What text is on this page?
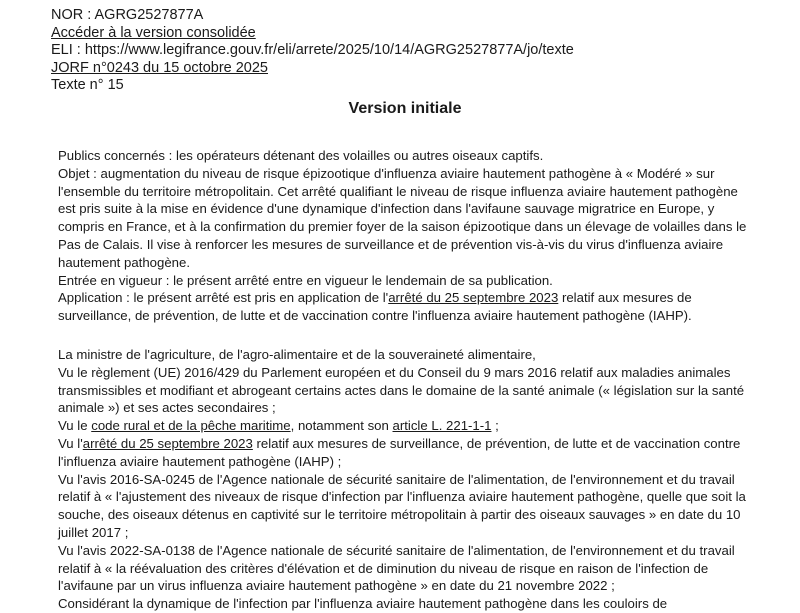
NOR : AGRG2527877A
Accéder à la version consolidée
ELI : https://www.legifrance.gouv.fr/eli/arrete/2025/10/14/AGRG2527877A/jo/texte
JORF n°0243 du 15 octobre 2025
Texte n° 15
Version initiale

Publics concernés : les opérateurs détenant des volailles ou autres oiseaux captifs.

Objet : augmentation du niveau de risque épizootique d'influenza aviaire hautement pathogène à « Modéré » sur l'ensemble du territoire métropolitain. Cet arrêté qualifiant le niveau de risque influenza aviaire hautement pathogène est pris suite à la mise en évidence d'une dynamique d'infection dans l'avifaune sauvage migratrice en Europe, y compris en France, et à la confirmation du premier foyer de la saison épizootique dans un élevage de volailles dans le Pas de Calais. Il vise à renforcer les mesures de surveillance et de prévention vis-à-vis du virus d'influenza aviaire hautement pathogène.

Entrée en vigueur : le présent arrêté entre en vigueur le lendemain de sa publication.

Application : le présent arrêté est pris en application de l'arrêté du 25 septembre 2023 relatif aux mesures de surveillance, de prévention, de lutte et de vaccination contre l'influenza aviaire hautement pathogène (IAHP).

La ministre de l'agriculture, de l'agro-alimentaire et de la souveraineté alimentaire,

Vu le règlement (UE) 2016/429 du Parlement européen et du Conseil du 9 mars 2016 relatif aux maladies animales transmissibles et modifiant et abrogeant certains actes dans le domaine de la santé animale (« législation sur la santé animale ») et ses actes secondaires ;

Vu le code rural et de la pêche maritime, notamment son article L. 221-1-1 ;

Vu l'arrêté du 25 septembre 2023 relatif aux mesures de surveillance, de prévention, de lutte et de vaccination contre l'influenza aviaire hautement pathogène (IAHP) ;

Vu l'avis 2016-SA-0245 de l'Agence nationale de sécurité sanitaire de l'alimentation, de l'environnement et du travail relatif à « l'ajustement des niveaux de risque d'infection par l'influenza aviaire hautement pathogène, quelle que soit la souche, des oiseaux détenus en captivité sur le territoire métropolitain à partir des oiseaux sauvages » en date du 10 juillet 2017 ;

Vu l'avis 2022-SA-0138 de l'Agence nationale de sécurité sanitaire de l'alimentation, de l'environnement et du travail relatif à « la réévaluation des critères d'élévation et de diminution du niveau de risque en raison de l'infection de l'avifaune par un virus influenza aviaire hautement pathogène » en date du 21 novembre 2022 ;

Considérant la dynamique de l'infection par l'influenza aviaire hautement pathogène dans les couloirs de
